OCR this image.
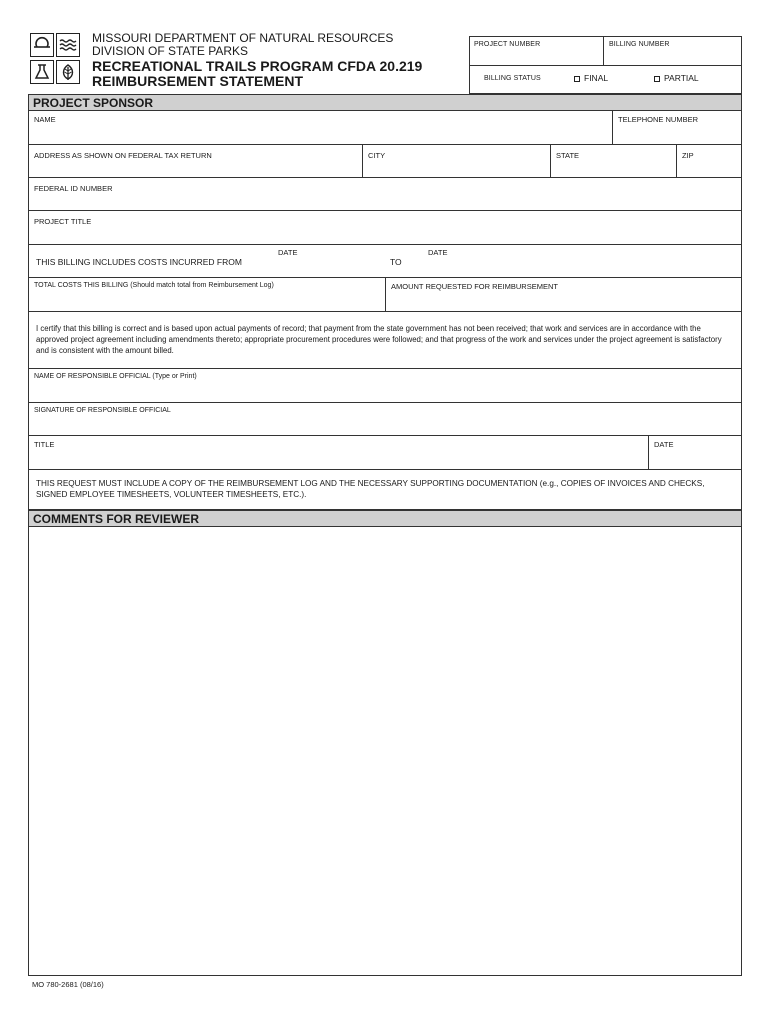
MISSOURI DEPARTMENT OF NATURAL RESOURCES
DIVISION OF STATE PARKS
RECREATIONAL TRAILS PROGRAM CFDA 20.219
REIMBURSEMENT STATEMENT
PROJECT NUMBER	BILLING NUMBER
BILLING STATUS	FINAL	PARTIAL
PROJECT SPONSOR
NAME	TELEPHONE NUMBER
ADDRESS AS SHOWN ON FEDERAL TAX RETURN	CITY	STATE	ZIP
FEDERAL ID NUMBER
PROJECT TITLE
THIS BILLING INCLUDES COSTS INCURRED FROM
DATE
TO
DATE
TOTAL COSTS THIS BILLING (Should match total from Reimbursement Log)	AMOUNT REQUESTED FOR REIMBURSEMENT
I certify that this billing is correct and is based upon actual payments of record; that payment from the state government has not been received; that work and services are in accordance with the approved project agreement including amendments thereto; appropriate procurement procedures were followed; and that progress of the work and services under the project agreement is satisfactory and is consistent with the amount billed.
NAME OF RESPONSIBLE OFFICIAL (Type or Print)
SIGNATURE OF RESPONSIBLE OFFICIAL
TITLE	DATE
THIS REQUEST MUST INCLUDE A COPY OF THE REIMBURSEMENT LOG AND THE NECESSARY SUPPORTING DOCUMENTATION (e.g., COPIES OF INVOICES AND CHECKS, SIGNED EMPLOYEE TIMESHEETS, VOLUNTEER TIMESHEETS, ETC.).
COMMENTS FOR REVIEWER
MO 780-2681 (08/16)
